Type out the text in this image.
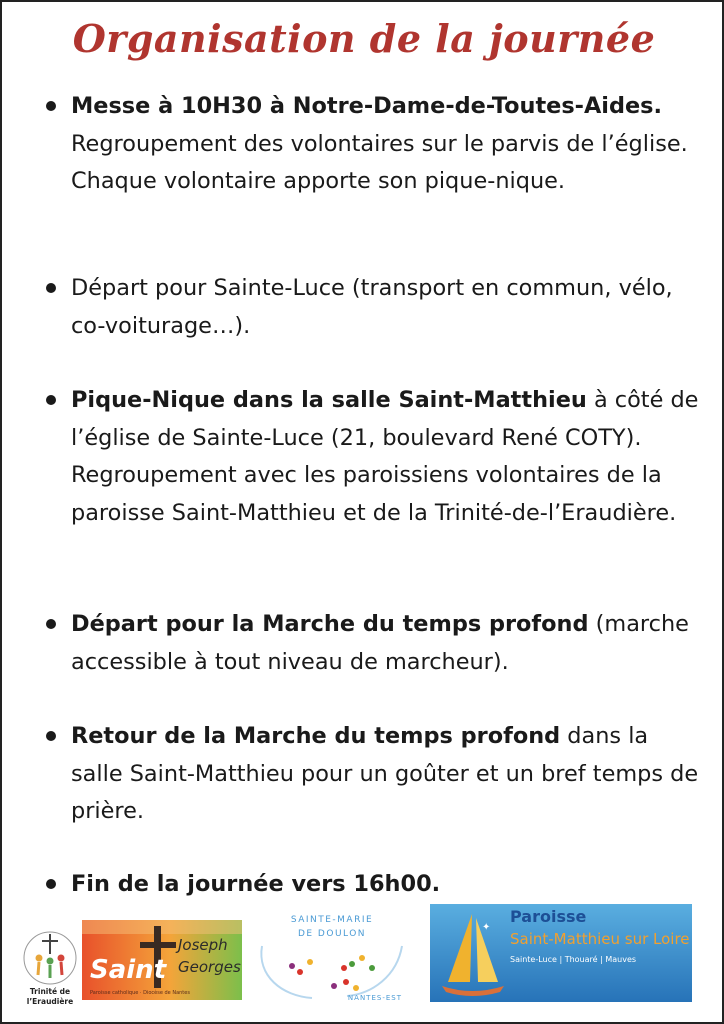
Organisation de la journée

Messe à 10H30 à Notre-Dame-de-Toutes-Aides. Regroupement des volontaires sur le parvis de l’église. Chaque volontaire apporte son pique-nique.

Départ pour Sainte-Luce (transport en commun, vélo, co-voiturage…).

Pique-Nique dans la salle Saint-Matthieu à côté de l’église de Sainte-Luce (21, boulevard René COTY). Regroupement avec les paroissiens volontaires de la paroisse Saint-Matthieu et de la Trinité-de-l’Eraudière.

Départ pour la Marche du temps profond (marche accessible à tout niveau de marcheur).

Retour de la Marche du temps profond dans la salle Saint-Matthieu pour un goûter et un bref temps de prière.

Fin de la journée vers 16h00.

Trinité de
l’Eraudière
Saint
Joseph
Georges
Paroisse catholique · Diocèse de Nantes
SAINTE-MARIE
DE DOULON
NANTES-EST
✦
Paroisse
Saint-Matthieu sur Loire
Sainte-Luce | Thouaré | Mauves
